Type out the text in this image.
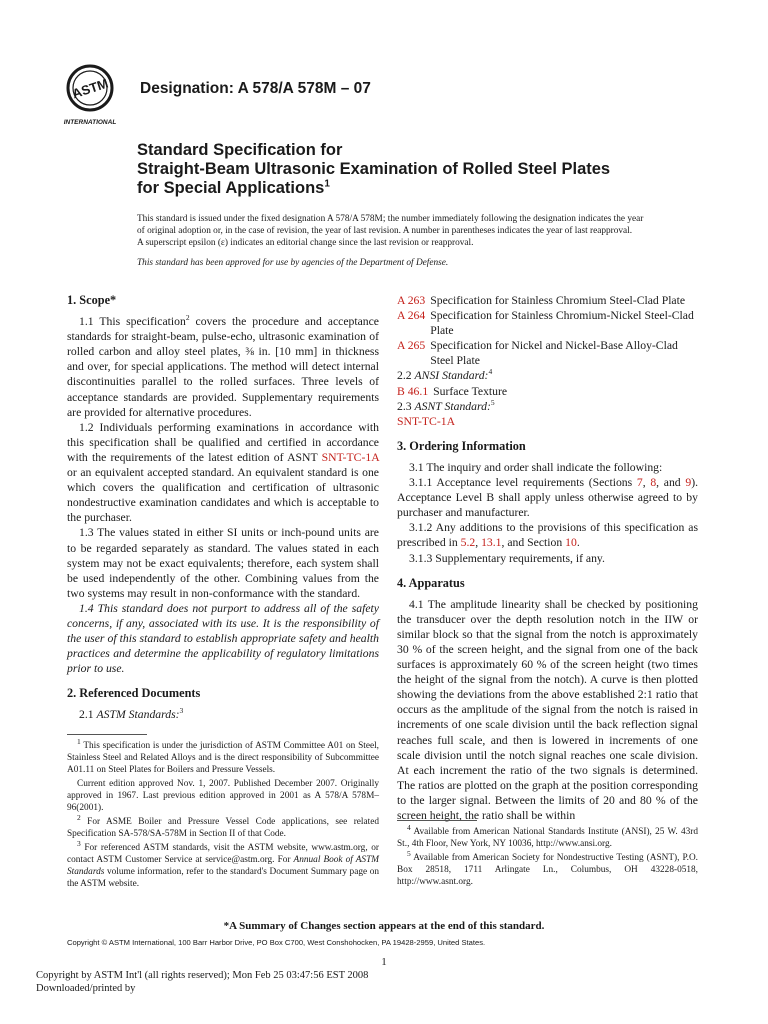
ASTM
INTERNATIONAL
Designation: A 578/A 578M – 07
Standard Specification for
Straight-Beam Ultrasonic Examination of Rolled Steel Plates
for Special Applications$^1$
This standard is issued under the fixed designation A 578/A 578M; the number immediately following the designation indicates the year
of original adoption or, in the case of revision, the year of last revision. A number in parentheses indicates the year of last reapproval.
A superscript epsilon (ε) indicates an editorial change since the last revision or reapproval.
This standard has been approved for use by agencies of the Department of Defense.
1. Scope*

1.1 This specification$^2$ covers the procedure and acceptance standards for straight-beam, pulse-echo, ultrasonic examination of rolled carbon and alloy steel plates, ⅜ in. [10 mm] in thickness and over, for special applications. The method will detect internal discontinuities parallel to the rolled surfaces. Three levels of acceptance standards are provided. Supplementary requirements are provided for alternative procedures.

1.2 Individuals performing examinations in accordance with this specification shall be qualified and certified in accordance with the requirements of the latest edition of ASNT SNT-TC-1A or an equivalent accepted standard. An equivalent standard is one which covers the qualification and certification of ultrasonic nondestructive examination candidates and which is acceptable to the purchaser.

1.3 The values stated in either SI units or inch-pound units are to be regarded separately as standard. The values stated in each system may not be exact equivalents; therefore, each system shall be used independently of the other. Combining values from the two systems may result in non-conformance with the standard.

1.4 This standard does not purport to address all of the safety concerns, if any, associated with its use. It is the responsibility of the user of this standard to establish appropriate safety and health practices and determine the applicability of regulatory limitations prior to use.

2. Referenced Documents

2.1 ASTM Standards:$^3$

$^1$ This specification is under the jurisdiction of ASTM Committee A01 on Steel, Stainless Steel and Related Alloys and is the direct responsibility of Subcommittee A01.11 on Steel Plates for Boilers and Pressure Vessels.

Current edition approved Nov. 1, 2007. Published December 2007. Originally approved in 1967. Last previous edition approved in 2001 as A 578/A 578M–96(2001).

$^2$ For ASME Boiler and Pressure Vessel Code applications, see related Specification SA-578/SA-578M in Section II of that Code.

$^3$ For referenced ASTM standards, visit the ASTM website, www.astm.org, or contact ASTM Customer Service at service@astm.org. For Annual Book of ASTM Standards volume information, refer to the standard's Document Summary page on the ASTM website.

A 263 Specification for Stainless Chromium Steel-Clad Plate
A 264 Specification for Stainless Chromium-Nickel Steel-Clad Plate
A 265 Specification for Nickel and Nickel-Base Alloy-Clad Steel Plate
2.2 ANSI Standard:$^4$
B 46.1 Surface Texture
2.3 ASNT Standard:$^5$
SNT-TC-1A
3. Ordering Information

3.1 The inquiry and order shall indicate the following:

3.1.1 Acceptance level requirements (Sections 7, 8, and 9). Acceptance Level B shall apply unless otherwise agreed to by purchaser and manufacturer.

3.1.2 Any additions to the provisions of this specification as prescribed in 5.2, 13.1, and Section 10.

3.1.3 Supplementary requirements, if any.

4. Apparatus

4.1 The amplitude linearity shall be checked by positioning the transducer over the depth resolution notch in the IIW or similar block so that the signal from the notch is approximately 30 % of the screen height, and the signal from one of the back surfaces is approximately 60 % of the screen height (two times the height of the signal from the notch). A curve is then plotted showing the deviations from the above established 2:1 ratio that occurs as the amplitude of the signal from the notch is raised in increments of one scale division until the back reflection signal reaches full scale, and then is lowered in increments of one scale division until the notch signal reaches one scale division. At each increment the ratio of the two signals is determined. The ratios are plotted on the graph at the position corresponding to the larger signal. Between the limits of 20 and 80 % of the screen height, the ratio shall be within

$^4$ Available from American National Standards Institute (ANSI), 25 W. 43rd St., 4th Floor, New York, NY 10036, http://www.ansi.org.

$^5$ Available from American Society for Nondestructive Testing (ASNT), P.O. Box 28518, 1711 Arlingate Ln., Columbus, OH 43228-0518, http://www.asnt.org.

*A Summary of Changes section appears at the end of this standard.
Copyright © ASTM International, 100 Barr Harbor Drive, PO Box C700, West Conshohocken, PA 19428-2959, United States.
1
Copyright by ASTM Int'l (all rights reserved); Mon Feb 25 03:47:56 EST 2008
Downloaded/printed by
